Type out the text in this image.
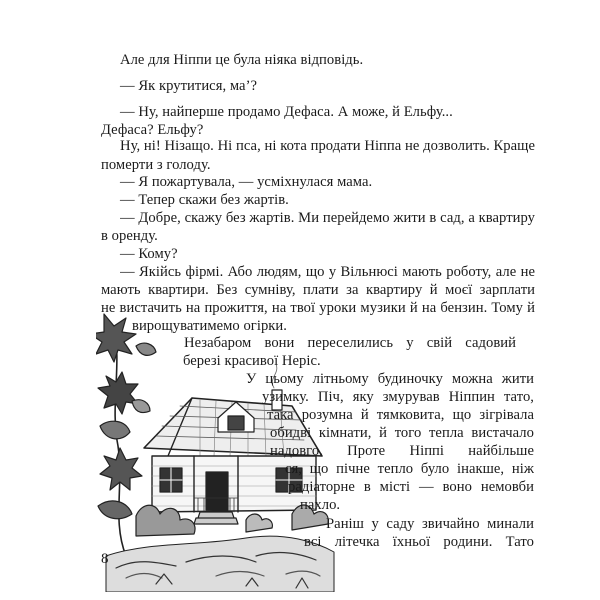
Але для Ніппи це була ніяка відповідь.
— Як крутитися, ма’?
— Ну, найперше продамо Дефаса. А може, й Ельфу...
Дефаса? Ельфу?
Ну, ні! Нізащо. Ні пса, ні кота продати Ніппа не дозволить. Краще
померти з голоду.
— Я пожартувала, — усміхнулася мама.
— Тепер скажи без жартів.
— Добре, скажу без жартів. Ми перейдемо жити в сад, а квартиру
в оренду.
— Кому?
— Якійсь фірмі. Або людям, що у Вільнюсі мають роботу, але не
мають квартири. Без сумніву, плати за квартиру й моєї зарплати
не вистачить на прожиття, на твої уроки музики й на бензин. Тому й
вирощуватимемо огірки.
Незабаром вони переселились у свій садовий
березі красивої Неріс.
У цьому літньому будиночку можна жити
узимку. Піч, яку змурував Ніппин тато,
така розумна й тямковита, що зігрівала
обидві кімнати, й того тепла вистачало
надовго. Проте Ніппі найбільше
ся, що пічне тепло було інакше, ніж
радіаторне в місті — воно немовби
пахло.
Раніш у саду звичайно минали
всі літечка їхньої родини. Тато
8
